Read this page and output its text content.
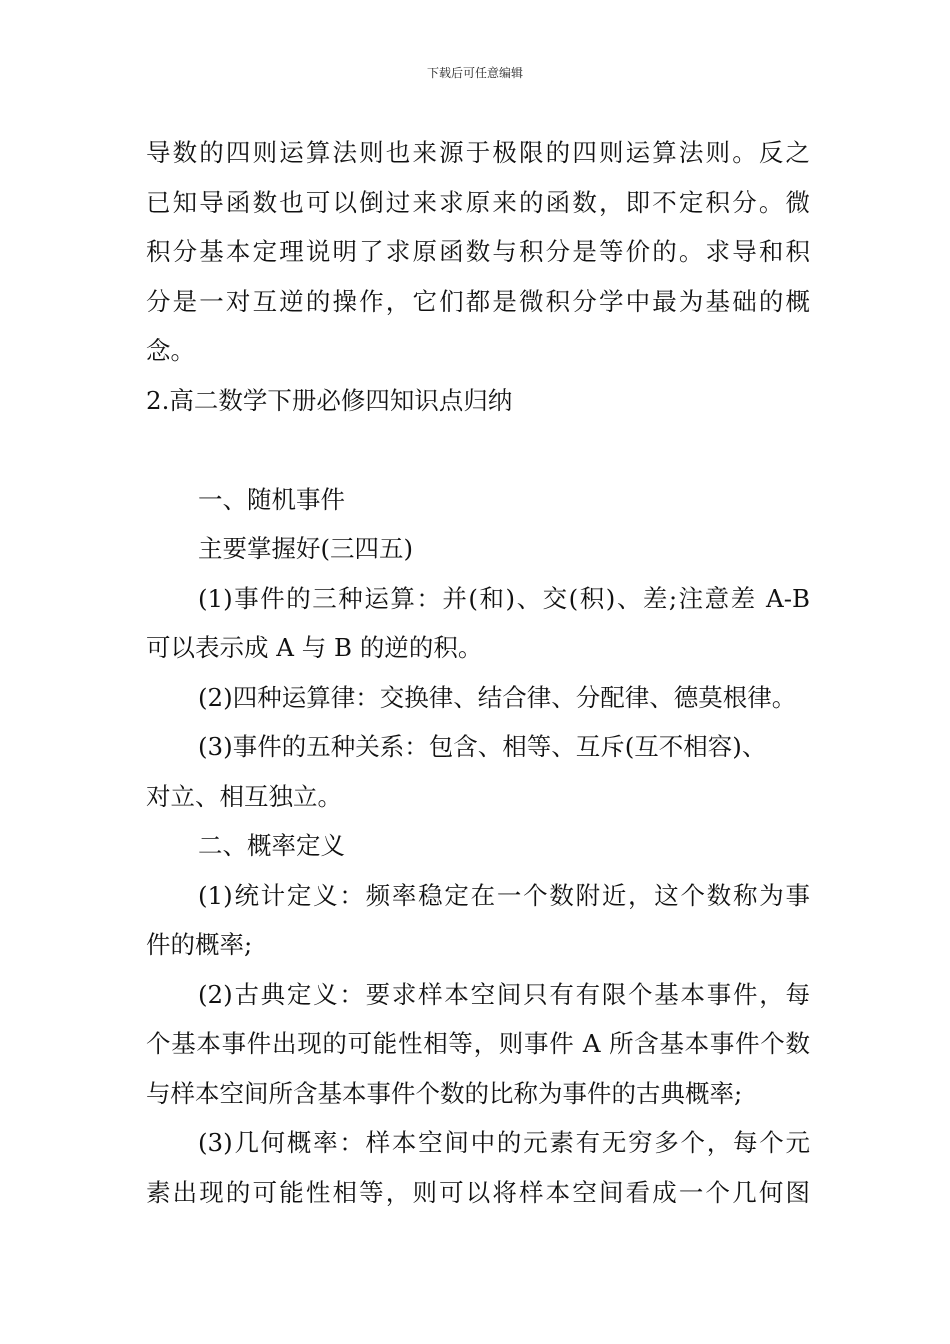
下载后可任意编辑
导数的四则运算法则也来源于极限的四则运算法则。反之
已知导函数也可以倒过来求原来的函数，即不定积分。微
积分基本定理说明了求原函数与积分是等价的。求导和积
分是一对互逆的操作，它们都是微积分学中最为基础的概
念。
2.高二数学下册必修四知识点归纳
一、随机事件
主要掌握好(三四五)
(1)事件的三种运算：并(和)、交(积)、差;注意差 A-B
可以表示成 A 与 B 的逆的积。
(2)四种运算律：交换律、结合律、分配律、德莫根律。
(3)事件的五种关系：包含、相等、互斥(互不相容)、
对立、相互独立。
二、概率定义
(1)统计定义：频率稳定在一个数附近，这个数称为事
件的概率;
(2)古典定义：要求样本空间只有有限个基本事件，每
个基本事件出现的可能性相等，则事件 A 所含基本事件个数
与样本空间所含基本事件个数的比称为事件的古典概率;
(3)几何概率：样本空间中的元素有无穷多个，每个元
素出现的可能性相等，则可以将样本空间看成一个几何图
